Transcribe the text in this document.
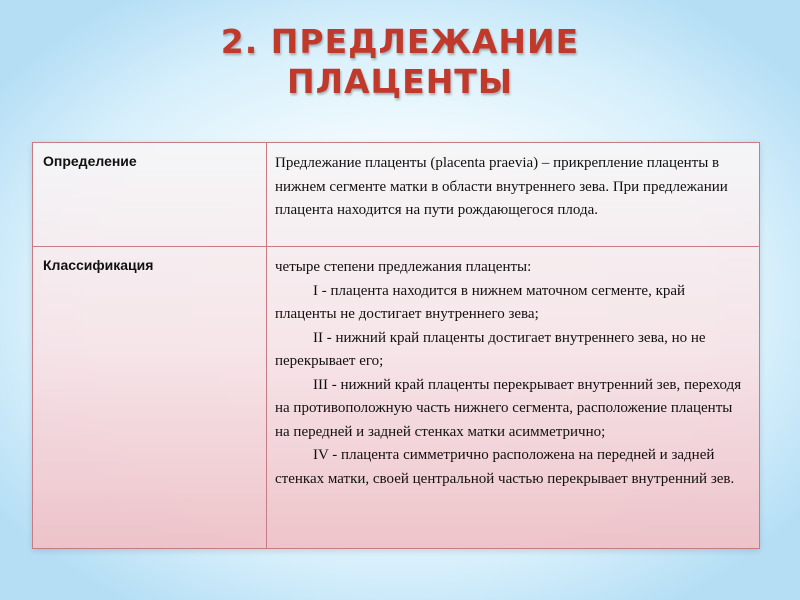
2. ПРЕДЛЕЖАНИЕ
ПЛАЦЕНТЫ
Определение	Предлежание плаценты (placenta praevia) – прикрепление плаценты в нижнем сегменте матки в области внутреннего зева. При предлежании плацента находится на пути рождающегося плода.

Классификация	четыре степени предлежания плаценты:

I - плацента находится в нижнем маточном сегменте, край плаценты не достигает внутреннего зева;

II - нижний край плаценты достигает внутреннего зева, но не перекрывает его;

III - нижний край плаценты перекрывает внутренний зев, переходя на противоположную часть нижнего сегмента, расположение плаценты на передней и задней стенках матки асимметрично;

IV - плацента симметрично расположена на передней и задней стенках матки, своей центральной частью перекрывает внутренний зев.
